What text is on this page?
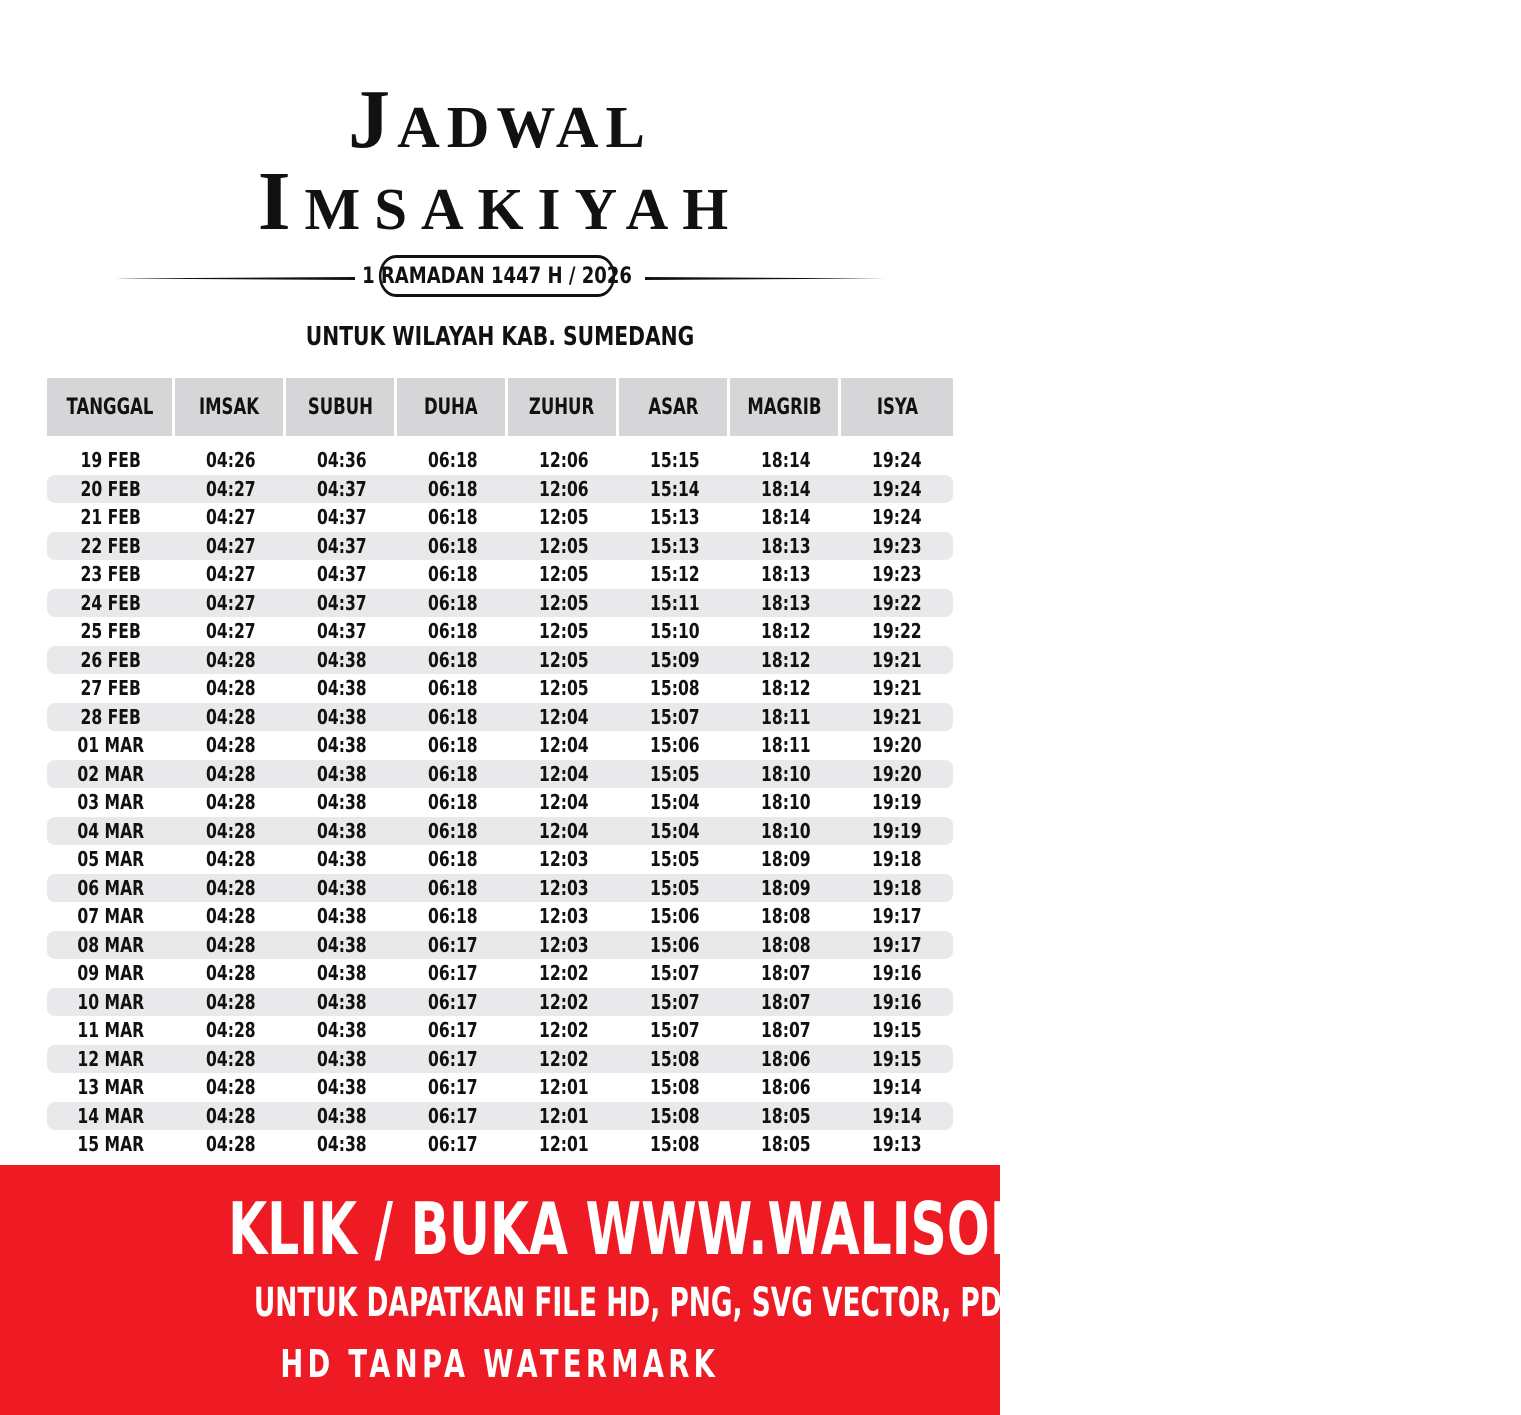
Jadwal
Imsakiyah
1 RAMADAN 1447 H / 2026
UNTUK WILAYAH KAB. SUMEDANG
TANGGAL IMSAK SUBUH DUHA ZUHUR ASAR MAGRIB	ISYA
19 FEB	04:26	04:36	06:18	12:06	15:15	18:14	19:24
20 FEB	04:27	04:37	06:18	12:06	15:14	18:14	19:24
21 FEB	04:27	04:37	06:18	12:05	15:13	18:14	19:24
22 FEB	04:27	04:37	06:18	12:05	15:13	18:13	19:23
23 FEB	04:27	04:37	06:18	12:05	15:12	18:13	19:23
24 FEB	04:27	04:37	06:18	12:05	15:11	18:13	19:22
25 FEB	04:27	04:37	06:18	12:05	15:10	18:12	19:22
26 FEB	04:28	04:38	06:18	12:05	15:09	18:12	19:21
27 FEB	04:28	04:38	06:18	12:05	15:08	18:12	19:21
28 FEB	04:28	04:38	06:18	12:04	15:07	18:11	19:21
01 MAR	04:28	04:38	06:18	12:04	15:06	18:11	19:20
02 MAR	04:28	04:38	06:18	12:04	15:05	18:10	19:20
03 MAR	04:28	04:38	06:18	12:04	15:04	18:10	19:19
04 MAR	04:28	04:38	06:18	12:04	15:04	18:10	19:19
05 MAR	04:28	04:38	06:18	12:03	15:05	18:09	19:18
06 MAR	04:28	04:38	06:18	12:03	15:05	18:09	19:18
07 MAR	04:28	04:38	06:18	12:03	15:06	18:08	19:17
08 MAR	04:28	04:38	06:17	12:03	15:06	18:08	19:17
09 MAR	04:28	04:38	06:17	12:02	15:07	18:07	19:16
10 MAR	04:28	04:38	06:17	12:02	15:07	18:07	19:16
11 MAR	04:28	04:38	06:17	12:02	15:07	18:07	19:15
12 MAR	04:28	04:38	06:17	12:02	15:08	18:06	19:15
13 MAR	04:28	04:38	06:17	12:01	15:08	18:06	19:14
14 MAR	04:28	04:38	06:17	12:01	15:08	18:05	19:14
15 MAR	04:28	04:38	06:17	12:01	15:08	18:05	19:13
KLIK / BUKA WWW.WALISONGO.CO.ID
UNTUK DAPATKAN FILE HD, PNG, SVG VECTOR, PDF, WORD, EXCEL
HD TANPA WATERMARK
